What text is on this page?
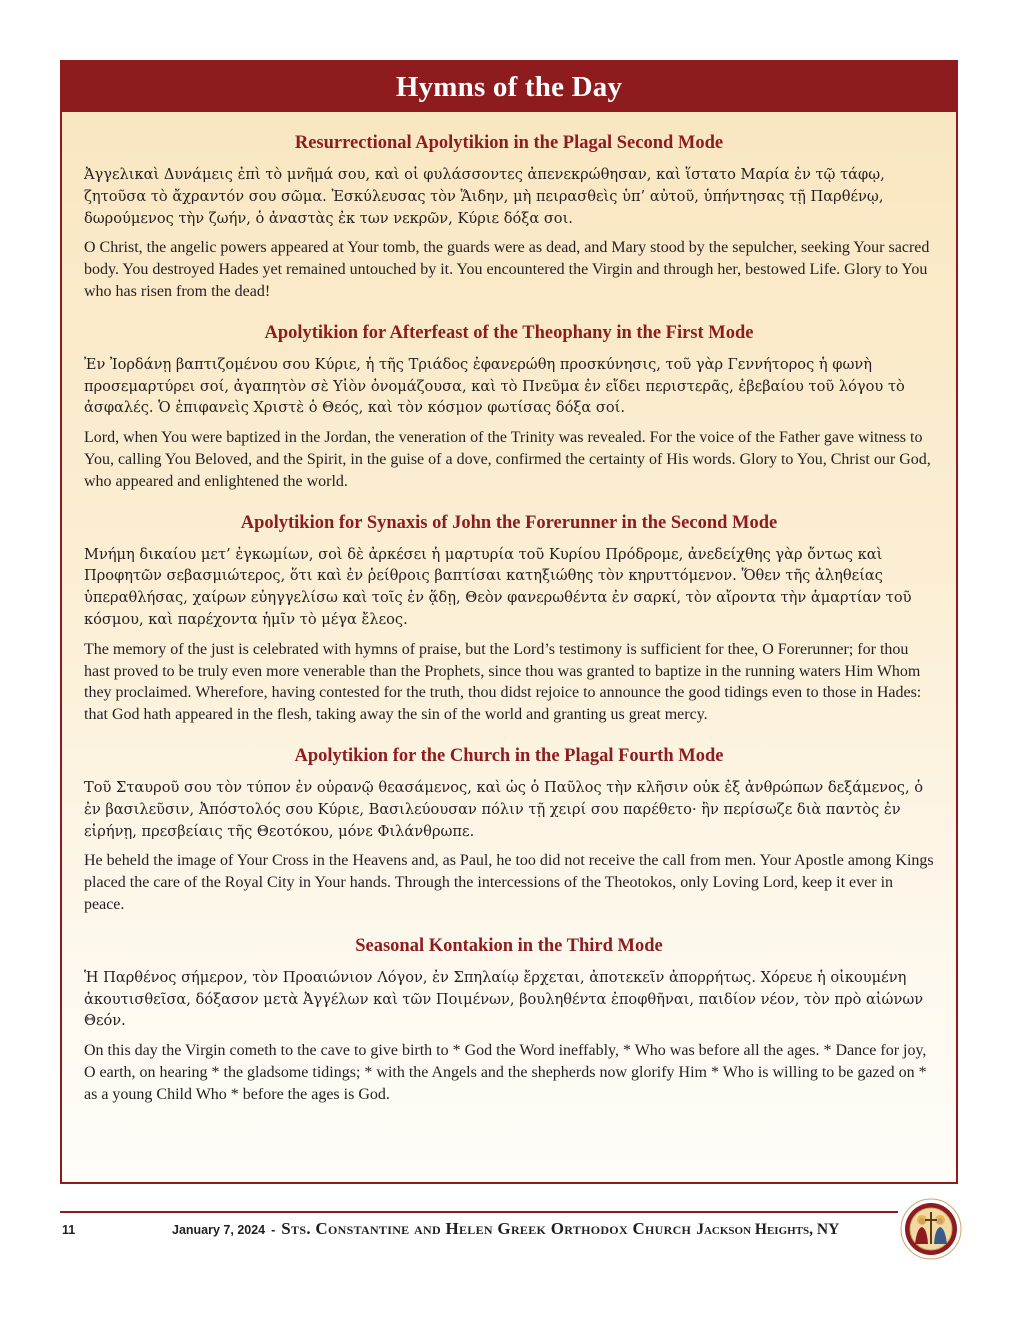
Hymns of the Day
Resurrectional Apolytikion in the Plagal Second Mode

Ἀγγελικαὶ Δυνάμεις ἐπὶ τὸ μνῆμά σου, καὶ οἱ φυλάσσοντες ἀπενεκρώθησαν, καὶ ἵστατο Μαρία ἐν τῷ τάφῳ, ζητοῦσα τὸ ἄχραντόν σου σῶμα. Ἐσκύλευσας τὸν Ἅιδην, μὴ πειρασθεὶς ὑπ’ αὐτοῦ, ὑπήντησας τῇ Παρθένῳ, δωρούμενος τὴν ζωήν, ὁ ἀναστὰς ἐκ των νεκρῶν, Κύριε δόξα σοι.

O Christ, the angelic powers appeared at Your tomb, the guards were as dead, and Mary stood by the sepulcher, seeking Your sacred body. You destroyed Hades yet remained untouched by it. You encountered the Virgin and through her, bestowed Life. Glory to You who has risen from the dead!

Apolytikion for Afterfeast of the Theophany in the First Mode

Ἐν Ἰορδάνῃ βαπτιζομένου σου Κύριε, ἡ τῆς Τριάδος ἐφανερώθη προσκύνησις, τοῦ γὰρ Γεννήτορος ἡ φωνὴ προσεμαρτύρει σοί, ἀγαπητὸν σὲ Υἱὸν ὀνομάζουσα, καὶ τὸ Πνεῦμα ἐν εἴδει περιστερᾶς, ἐβεβαίου τοῦ λόγου τὸ ἀσφαλές. Ὁ ἐπιφανεὶς Χριστὲ ὁ Θεός, καὶ τὸν κόσμον φωτίσας δόξα σοί.

Lord, when You were baptized in the Jordan, the veneration of the Trinity was revealed. For the voice of the Father gave witness to You, calling You Beloved, and the Spirit, in the guise of a dove, confirmed the certainty of His words. Glory to You, Christ our God, who appeared and enlightened the world.

Apolytikion for Synaxis of John the Forerunner in the Second Mode

Μνήμη δικαίου μετ’ ἐγκωμίων, σοὶ δὲ ἀρκέσει ἡ μαρτυρία τοῦ Κυρίου Πρόδρομε, ἀνεδείχθης γὰρ ὄντως καὶ Προφητῶν σεβασμιώτερος, ὅτι καὶ ἐν ῥείθροις βαπτίσαι κατηξιώθης τὸν κηρυττόμενον. Ὅθεν τῆς ἀληθείας ὑπεραθλήσας, χαίρων εὐηγγελίσω καὶ τοῖς ἐν ᾅδῃ, Θεὸν φανερωθέντα ἐν σαρκί, τὸν αἴροντα τὴν ἁμαρτίαν τοῦ κόσμου, καὶ παρέχοντα ἡμῖν τὸ μέγα ἔλεος.

The memory of the just is celebrated with hymns of praise, but the Lord’s testimony is sufficient for thee, O Forerunner; for thou hast proved to be truly even more venerable than the Prophets, since thou was granted to baptize in the running waters Him Whom they proclaimed. Wherefore, having contested for the truth, thou didst rejoice to announce the good tidings even to those in Hades: that God hath appeared in the flesh, taking away the sin of the world and granting us great mercy.

Apolytikion for the Church in the Plagal Fourth Mode

Τοῦ Σταυροῦ σου τὸν τύπον ἐν οὐρανῷ θεασάμενος, καὶ ὡς ὁ Παῦλος τὴν κλῆσιν οὐκ ἐξ ἀνθρώπων δεξάμενος, ὁ ἐν βασιλεῦσιν, Ἀπόστολός σου Κύριε, Βασιλεύουσαν πόλιν τῇ χειρί σου παρέθετο· ἣν περίσωζε διὰ παντὸς ἐν εἰρήνῃ, πρεσβείαις τῆς Θεοτόκου, μόνε Φιλάνθρωπε.

He beheld the image of Your Cross in the Heavens and, as Paul, he too did not receive the call from men. Your Apostle among Kings placed the care of the Royal City in Your hands. Through the intercessions of the Theotokos, only Loving Lord, keep it ever in peace.

Seasonal Kontakion in the Third Mode

Ἡ Παρθένος σήμερον, τὸν Προαιώνιον Λόγον, ἐν Σπηλαίῳ ἔρχεται, ἀποτεκεῖν ἀπορρήτως. Χόρευε ἡ οἰκουμένη ἀκουτισθεῖσα, δόξασον μετὰ Ἀγγέλων καὶ τῶν Ποιμένων, βουληθέντα ἐποφθῆναι, παιδίον νέον, τὸν πρὸ αἰώνων Θεόν.

On this day the Virgin cometh to the cave to give birth to * God the Word ineffably, * Who was before all the ages. * Dance for joy, O earth, on hearing * the gladsome tidings; * with the Angels and the shepherds now glorify Him * Who is willing to be gazed on * as a young Child Who * before the ages is God.

11	January 7, 2024 - Sts. Constantine and Helen Greek Orthodox Church Jackson Heights, NY
